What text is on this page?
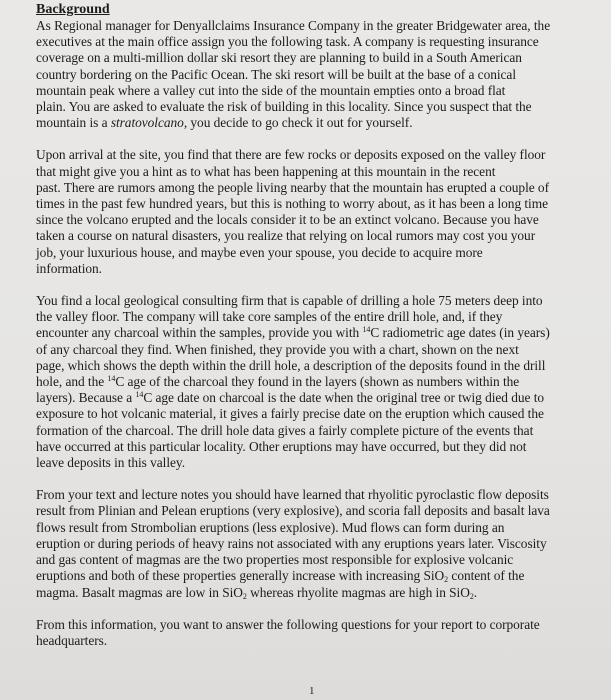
Background

As Regional manager for Denyallclaims Insurance Company in the greater Bridgewater area, the
executives at the main office assign you the following task. A company is requesting insurance
coverage on a multi-million dollar ski resort they are planning to build in a South American
country bordering on the Pacific Ocean. The ski resort will be built at the base of a conical
mountain peak where a valley cut into the side of the mountain empties onto a broad flat
plain. You are asked to evaluate the risk of building in this locality. Since you suspect that the
mountain is a stratovolcano, you decide to go check it out for yourself.

Upon arrival at the site, you find that there are few rocks or deposits exposed on the valley floor
that might give you a hint as to what has been happening at this mountain in the recent
past. There are rumors among the people living nearby that the mountain has erupted a couple of
times in the past few hundred years, but this is nothing to worry about, as it has been a long time
since the volcano erupted and the locals consider it to be an extinct volcano. Because you have
taken a course on natural disasters, you realize that relying on local rumors may cost you your
job, your luxurious house, and maybe even your spouse, you decide to acquire more
information.

You find a local geological consulting firm that is capable of drilling a hole 75 meters deep into
the valley floor. The company will take core samples of the entire drill hole, and, if they
encounter any charcoal within the samples, provide you with $^{14}$C radiometric age dates (in years)
of any charcoal they find. When finished, they provide you with a chart, shown on the next
page, which shows the depth within the drill hole, a description of the deposits found in the drill
hole, and the $^{14}$C age of the charcoal they found in the layers (shown as numbers within the
layers). Because a $^{14}$C age date on charcoal is the date when the original tree or twig died due to
exposure to hot volcanic material, it gives a fairly precise date on the eruption which caused the
formation of the charcoal. The drill hole data gives a fairly complete picture of the events that
have occurred at this particular locality. Other eruptions may have occurred, but they did not
leave deposits in this valley.

From your text and lecture notes you should have learned that rhyolitic pyroclastic flow deposits
result from Plinian and Pelean eruptions (very explosive), and scoria fall deposits and basalt lava
flows result from Strombolian eruptions (less explosive). Mud flows can form during an
eruption or during periods of heavy rains not associated with any eruptions years later. Viscosity
and gas content of magmas are the two properties most responsible for explosive volcanic
eruptions and both of these properties generally increase with increasing SiO$_2$ content of the
magma. Basalt magmas are low in SiO$_2$ whereas rhyolite magmas are high in SiO$_2$.

From this information, you want to answer the following questions for your report to corporate
headquarters.

1
